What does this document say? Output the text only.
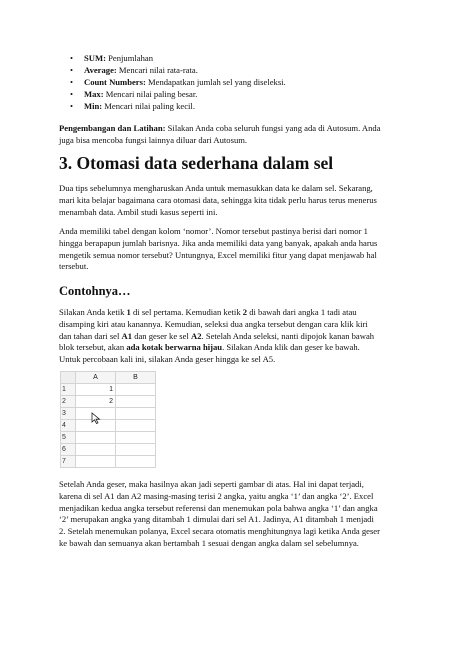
• SUM: Penjumlahan
• Average: Mencari nilai rata-rata.
• Count Numbers: Mendapatkan jumlah sel yang diseleksi.
• Max: Mencari nilai paling besar.
• Min: Mencari nilai paling kecil.
Pengembangan dan Latihan: Silakan Anda coba seluruh fungsi yang ada di Autosum. Anda
juga bisa mencoba fungsi lainnya diluar dari Autosum.
3. Otomasi data sederhana dalam sel
Dua tips sebelumnya mengharuskan Anda untuk memasukkan data ke dalam sel. Sekarang,
mari kita belajar bagaimana cara otomasi data, sehingga kita tidak perlu harus terus menerus
menambah data. Ambil studi kasus seperti ini.
Anda memiliki tabel dengan kolom ‘nomor’. Nomor tersebut pastinya berisi dari nomor 1
hingga berapapun jumlah barisnya. Jika anda memiliki data yang banyak, apakah anda harus
mengetik semua nomor tersebut? Untungnya, Excel memiliki fitur yang dapat menjawab hal
tersebut.
Contohnya…
Silakan Anda ketik 1 di sel pertama. Kemudian ketik 2 di bawah dari angka 1 tadi atau
disamping kiri atau kanannya. Kemudian, seleksi dua angka tersebut dengan cara klik kiri
dan tahan dari sel A1 dan geser ke sel A2. Setelah Anda seleksi, nanti dipojok kanan bawah
blok tersebut, akan ada kotak berwarna hijau. Silakan Anda klik dan geser ke bawah.
Untuk percobaan kali ini, silakan Anda geser hingga ke sel A5.
	A	B
1	1	
2	2	
3		
4		
5		
6		
7		
Setelah Anda geser, maka hasilnya akan jadi seperti gambar di atas. Hal ini dapat terjadi,
karena di sel A1 dan A2 masing-masing terisi 2 angka, yaitu angka ‘1’ dan angka ‘2’. Excel
menjadikan kedua angka tersebut referensi dan menemukan pola bahwa angka ‘1’ dan angka
‘2’ merupakan angka yang ditambah 1 dimulai dari sel A1. Jadinya, A1 ditambah 1 menjadi
2. Setelah menemukan polanya, Excel secara otomatis menghitungnya lagi ketika Anda geser
ke bawah dan semuanya akan bertambah 1 sesuai dengan angka dalam sel sebelumnya.
